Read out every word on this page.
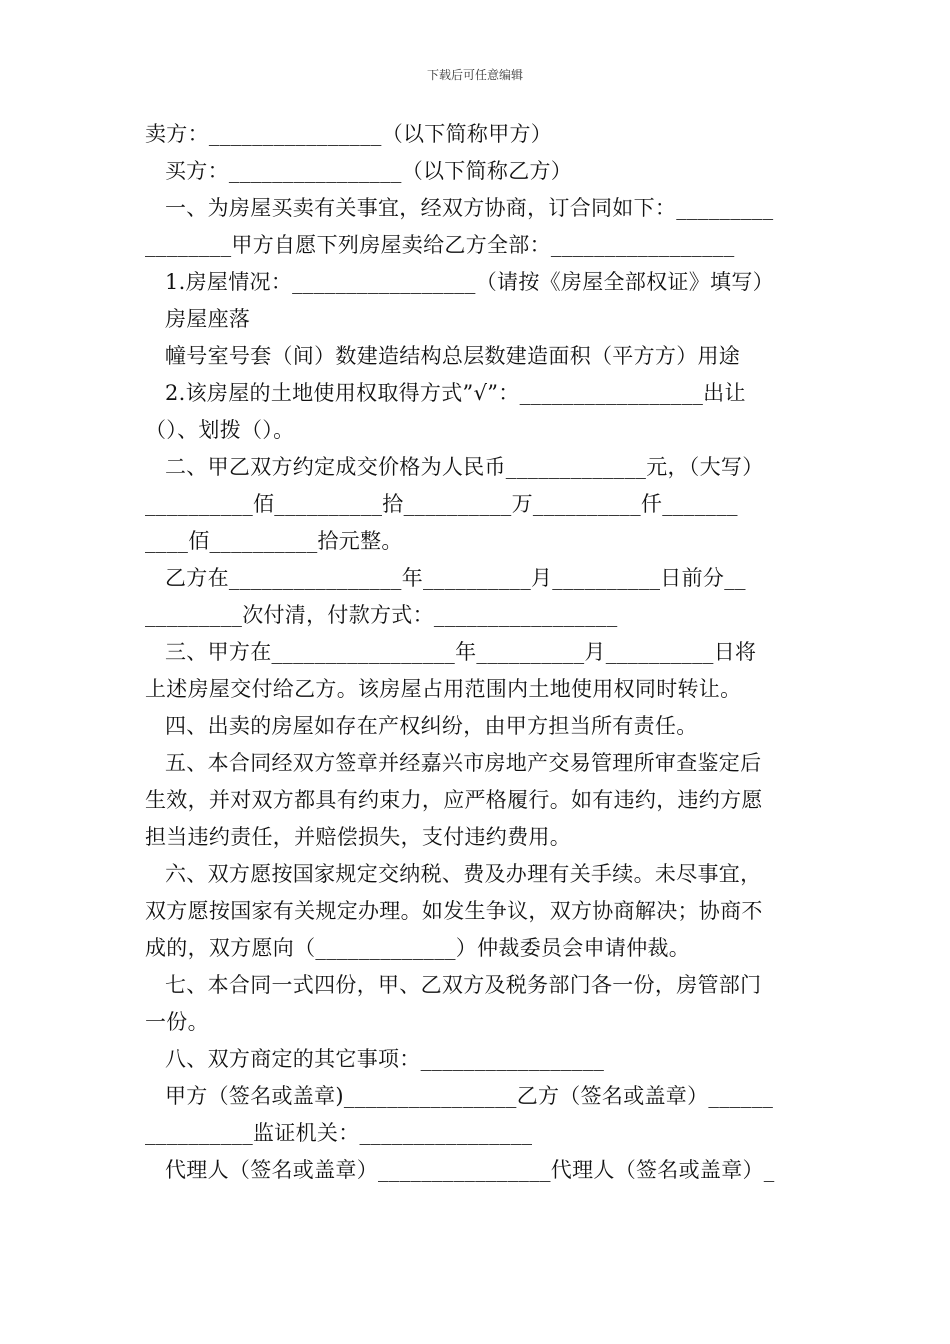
下载后可任意编辑
卖方：________________（以下简称甲方）
买方：________________（以下简称乙方）
一、为房屋买卖有关事宜，经双方协商，订合同如下：_________
________甲方自愿下列房屋卖给乙方全部：_________________
1.房屋情况：_________________（请按《房屋全部权证》填写）
房屋座落
幢号室号套（间）数建造结构总层数建造面积（平方方）用途
2.该房屋的土地使用权取得方式”√”：_________________出让
（）、划拨（）。
二、甲乙双方约定成交价格为人民币_____________元，（大写）
__________佰__________拾__________万__________仟_______
____佰__________拾元整。
乙方在________________年__________月__________日前分__
_________次付清，付款方式：_________________
三、甲方在_________________年__________月__________日将
上述房屋交付给乙方。该房屋占用范围内土地使用权同时转让。
四、出卖的房屋如存在产权纠纷，由甲方担当所有责任。
五、本合同经双方签章并经嘉兴市房地产交易管理所审查鉴定后
生效，并对双方都具有约束力，应严格履行。如有违约，违约方愿
担当违约责任，并赔偿损失，支付违约费用。
六、双方愿按国家规定交纳税、费及办理有关手续。未尽事宜，
双方愿按国家有关规定办理。如发生争议，双方协商解决；协商不
成的，双方愿向（_____________）仲裁委员会申请仲裁。
七、本合同一式四份，甲、乙双方及税务部门各一份，房管部门
一份。
八、双方商定的其它事项：_________________
甲方（签名或盖章)________________乙方（签名或盖章）______
__________监证机关：________________
代理人（签名或盖章）________________代理人（签名或盖章）_
